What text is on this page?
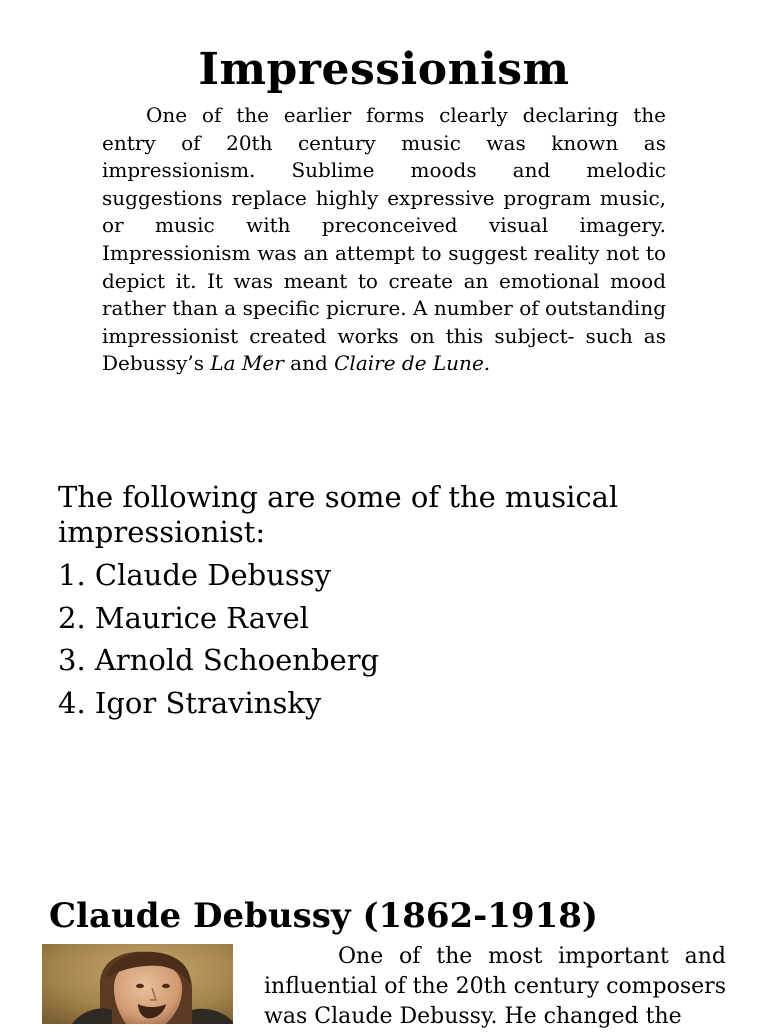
Impressionism
One of the earlier forms clearly declaring the entry of 20th century music was known as impressionism. Sublime moods and melodic suggestions replace highly expressive program music, or music with preconceived visual imagery. Impressionism was an attempt to suggest reality not to depict it. It was meant to create an emotional mood rather than a specific picrure. A number of outstanding impressionist created works on this subject- such as Debussy’s La Mer and Claire de Lune.
The following are some of the musical impressionist:
1. Claude Debussy
2. Maurice Ravel
3. Arnold Schoenberg
4. Igor Stravinsky
Claude Debussy (1862-1918)
One of the most important and influential of the 20th century composers was Claude Debussy. He changed the
